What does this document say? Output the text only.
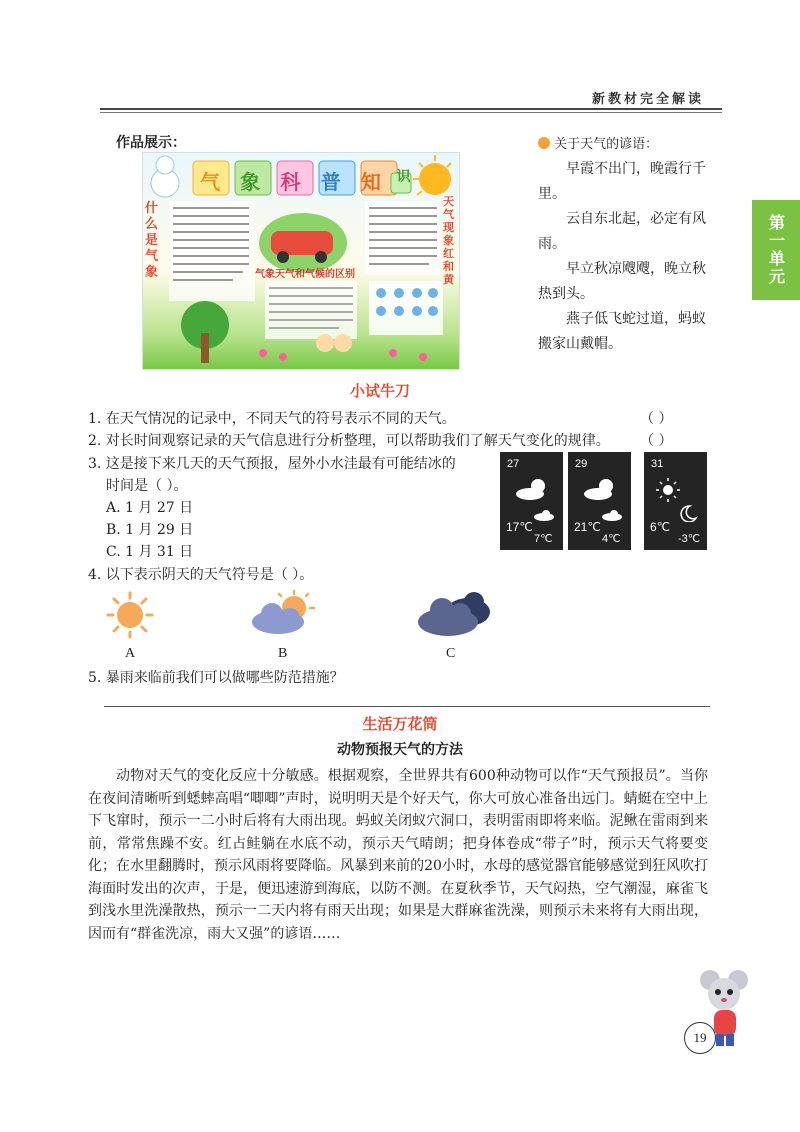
新教材完全解读
第一单元
作品展示：
什么是气象
天气现象红和黄
气象天气和气候的区别
气	象	科	普	知	识
关于天气的谚语：

早霞不出门，晚霞行千里。

云自东北起，必定有风雨。

早立秋凉飕飕，晚立秋热到头。

燕子低飞蛇过道，蚂蚁搬家山戴帽。

小试牛刀
1. 在天气情况的记录中，不同天气的符号表示不同的天气。	（ ）
2. 对长时间观察记录的天气信息进行分析整理，可以帮助我们了解天气变化的规律。 （ ）
3. 这是接下来几天的天气预报，屋外小水洼最有可能结冰的
时间是（ ）。
A. 1 月 27 日
B. 1 月 29 日
C. 1 月 31 日
27
17℃
7℃
29
21℃
4℃
31
6℃
-3℃
4. 以下表示阴天的天气符号是（ ）。
A	B	C
5. 暴雨来临前我们可以做哪些防范措施？
生活万花筒
动物预报天气的方法

动物对天气的变化反应十分敏感。根据观察，全世界共有600种动物可以作“天气预报员”。当你在夜间清晰听到蟋蟀高唱“唧唧”声时，说明明天是个好天气，你大可放心准备出远门。蜻蜓在空中上下飞窜时，预示一二小时后将有大雨出现。蚂蚁关闭蚁穴洞口，表明雷雨即将来临。泥鳅在雷雨到来前，常常焦躁不安。红占鲑躺在水底不动，预示天气晴朗；把身体卷成“带子”时，预示天气将要变化；在水里翻腾时，预示风雨将要降临。风暴到来前的20小时，水母的感觉器官能够感觉到狂风吹打海面时发出的次声，于是，便迅速游到海底，以防不测。在夏秋季节，天气闷热，空气潮湿，麻雀飞到浅水里洗澡散热，预示一二天内将有雨天出现；如果是大群麻雀洗澡，则预示未来将有大雨出现，因而有“群雀洗凉，雨大又强”的谚语……

19
